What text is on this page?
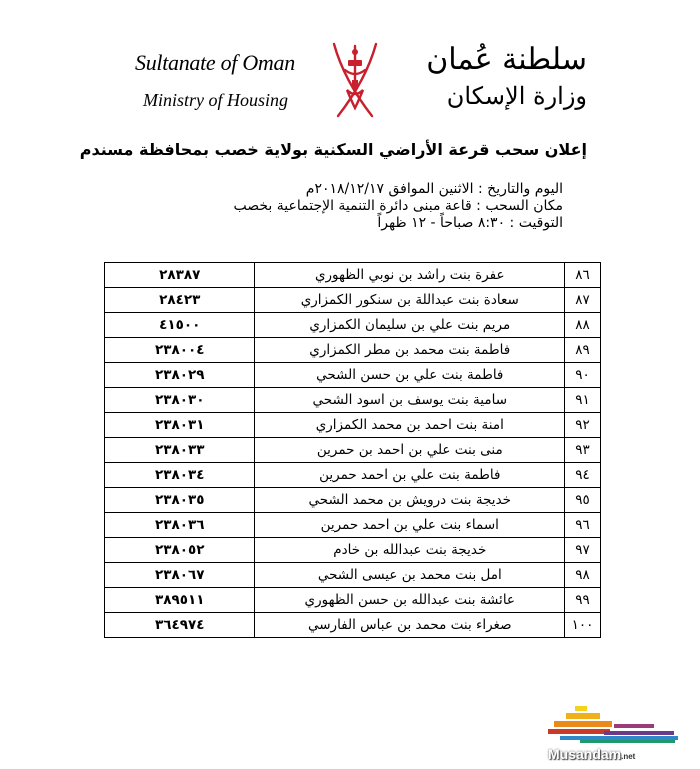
Sultanate of Oman
Ministry of Housing
سلطنة عُمان
وزارة الإسكان
إعلان سحب قرعة الأراضي السكنية بولاية خصب بمحافظة مسندم
اليوم والتاريخ : الاثنين الموافق ٢٠١٨/١٢/١٧م
مكان السحب : قاعة مبنى دائرة التنمية الإجتماعية بخصب
التوقيت : ٨:٣٠ صباحاً - ١٢ ظهراً
٨٦	عفرة بنت راشد بن نوبي الظهوري	٢٨٣٨٧
٨٧	سعادة بنت عبداللة بن سنكور الكمزاري	٢٨٤٢٣
٨٨	مريم بنت علي بن سليمان الكمزاري	٤١٥٠٠
٨٩	فاطمة بنت محمد بن مطر الكمزاري	٢٣٨٠٠٤
٩٠	فاطمة بنت علي بن حسن الشحي	٢٣٨٠٢٩
٩١	سامية بنت يوسف بن اسود الشحي	٢٣٨٠٣٠
٩٢	امنة بنت احمد بن محمد الكمزاري	٢٣٨٠٣١
٩٣	منى بنت علي بن احمد بن حمرين	٢٣٨٠٣٣
٩٤	فاطمة بنت علي بن احمد حمرين	٢٣٨٠٣٤
٩٥	خديجة بنت درويش بن محمد الشحي	٢٣٨٠٣٥
٩٦	اسماء بنت علي بن احمد حمرين	٢٣٨٠٣٦
٩٧	خديجة بنت عبدالله بن خادم	٢٣٨٠٥٢
٩٨	امل بنت محمد بن عيسى الشحي	٢٣٨٠٦٧
٩٩	عائشة بنت عبدالله بن حسن الظهوري	٣٨٩٥١١
١٠٠	صغراء بنت محمد بن عباس الفارسي	٣٦٤٩٧٤
Musandam.net
